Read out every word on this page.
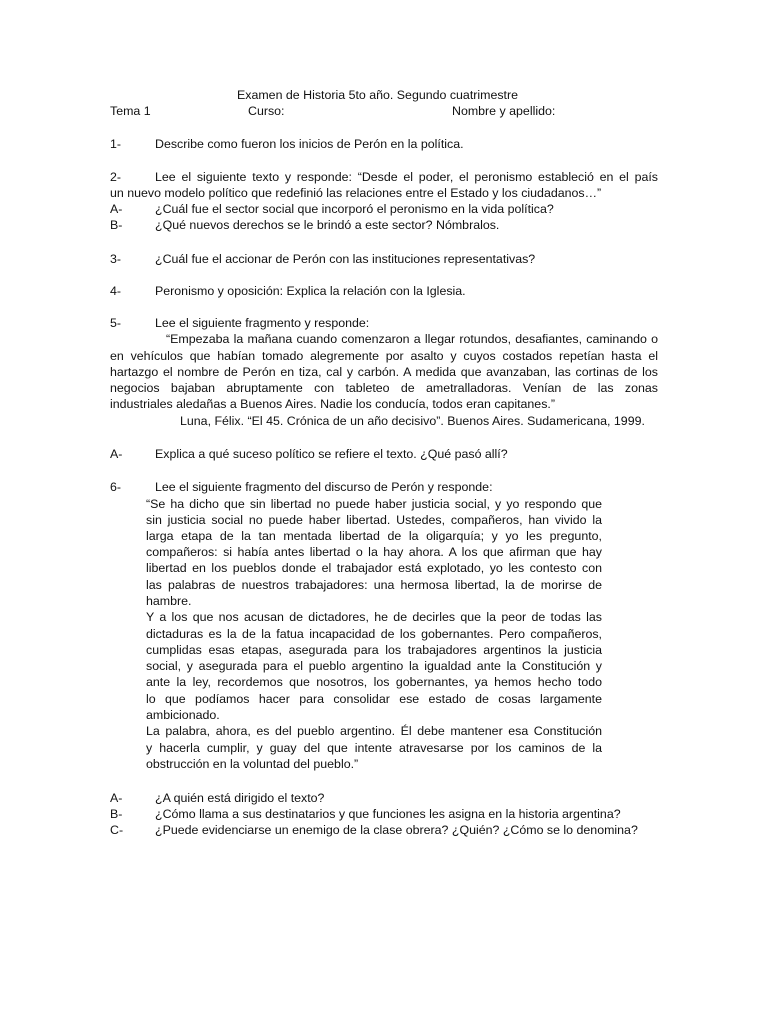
Examen de Historia 5to año. Segundo cuatrimestre
Tema 1	Curso:	Nombre y apellido:
1-	Describe como fueron los inicios de Perón en la política.
2-	Lee el siguiente texto y responde: “Desde el poder, el peronismo estableció en el país
un nuevo modelo político que redefinió las relaciones entre el Estado y los ciudadanos…”
A-	¿Cuál fue el sector social que incorporó el peronismo en la vida política?
B-	¿Qué nuevos derechos se le brindó a este sector? Nómbralos.
3-	¿Cuál fue el accionar de Perón con las instituciones representativas?
4-	Peronismo y oposición: Explica la relación con la Iglesia.
5-	Lee el siguiente fragmento y responde:
“Empezaba la mañana cuando comenzaron a llegar rotundos, desafiantes, caminando o
en vehículos que habían tomado alegremente por asalto y cuyos costados repetían hasta el
hartazgo el nombre de Perón en tiza, cal y carbón. A medida que avanzaban, las cortinas de los
negocios bajaban abruptamente con tableteo de ametralladoras. Venían de las zonas
industriales aledañas a Buenos Aires. Nadie los conducía, todos eran capitanes.”
Luna, Félix. “El 45. Crónica de un año decisivo”. Buenos Aires. Sudamericana, 1999.
A-	Explica a qué suceso político se refiere el texto. ¿Qué pasó allí?
6-	Lee el siguiente fragmento del discurso de Perón y responde:
“Se ha dicho que sin libertad no puede haber justicia social, y yo respondo que
sin justicia social no puede haber libertad. Ustedes, compañeros, han vivido la
larga etapa de la tan mentada libertad de la oligarquía; y yo les pregunto,
compañeros: si había antes libertad o la hay ahora. A los que afirman que hay
libertad en los pueblos donde el trabajador está explotado, yo les contesto con
las palabras de nuestros trabajadores: una hermosa libertad, la de morirse de
hambre.
Y a los que nos acusan de dictadores, he de decirles que la peor de todas las
dictaduras es la de la fatua incapacidad de los gobernantes. Pero compañeros,
cumplidas esas etapas, asegurada para los trabajadores argentinos la justicia
social, y asegurada para el pueblo argentino la igualdad ante la Constitución y
ante la ley, recordemos que nosotros, los gobernantes, ya hemos hecho todo
lo que podíamos hacer para consolidar ese estado de cosas largamente
ambicionado.
La palabra, ahora, es del pueblo argentino. Él debe mantener esa Constitución
y hacerla cumplir, y guay del que intente atravesarse por los caminos de la
obstrucción en la voluntad del pueblo.”
A-	¿A quién está dirigido el texto?
B-	¿Cómo llama a sus destinatarios y que funciones les asigna en la historia argentina?
C-	¿Puede evidenciarse un enemigo de la clase obrera? ¿Quién? ¿Cómo se lo denomina?
